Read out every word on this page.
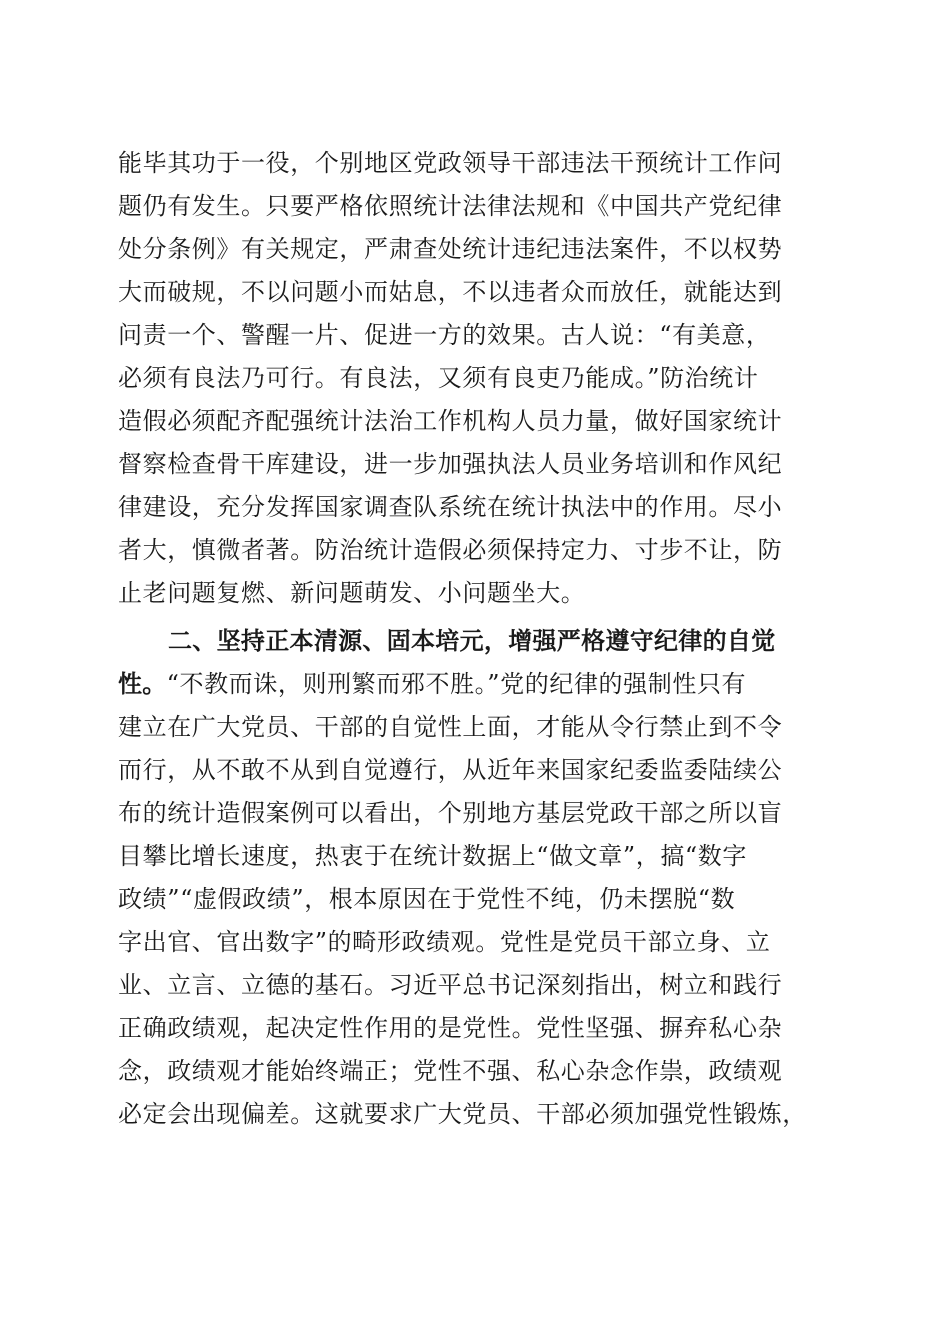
能毕其功于一役，个别地区党政领导干部违法干预统计工作问
题仍有发生。只要严格依照统计法律法规和《中国共产党纪律
处分条例》有关规定，严肃查处统计违纪违法案件，不以权势
大而破规，不以问题小而姑息，不以违者众而放任，就能达到
问责一个、警醒一片、促进一方的效果。古人说：“有美意，
必须有良法乃可行。有良法，又须有良吏乃能成。”防治统计
造假必须配齐配强统计法治工作机构人员力量，做好国家统计
督察检查骨干库建设，进一步加强执法人员业务培训和作风纪
律建设，充分发挥国家调查队系统在统计执法中的作用。尽小
者大，慎微者著。防治统计造假必须保持定力、寸步不让，防
止老问题复燃、新问题萌发、小问题坐大。
二、坚持正本清源、固本培元，增强严格遵守纪律的自觉
性。“不教而诛，则刑繁而邪不胜。”党的纪律的强制性只有
建立在广大党员、干部的自觉性上面，才能从令行禁止到不令
而行，从不敢不从到自觉遵行，从近年来国家纪委监委陆续公
布的统计造假案例可以看出，个别地方基层党政干部之所以盲
目攀比增长速度，热衷于在统计数据上“做文章”，搞“数字
政绩”“虚假政绩”，根本原因在于党性不纯，仍未摆脱“数
字出官、官出数字”的畸形政绩观。党性是党员干部立身、立
业、立言、立德的基石。习近平总书记深刻指出，树立和践行
正确政绩观，起决定性作用的是党性。党性坚强、摒弃私心杂
念，政绩观才能始终端正；党性不强、私心杂念作祟，政绩观
必定会出现偏差。这就要求广大党员、干部必须加强党性锻炼，
